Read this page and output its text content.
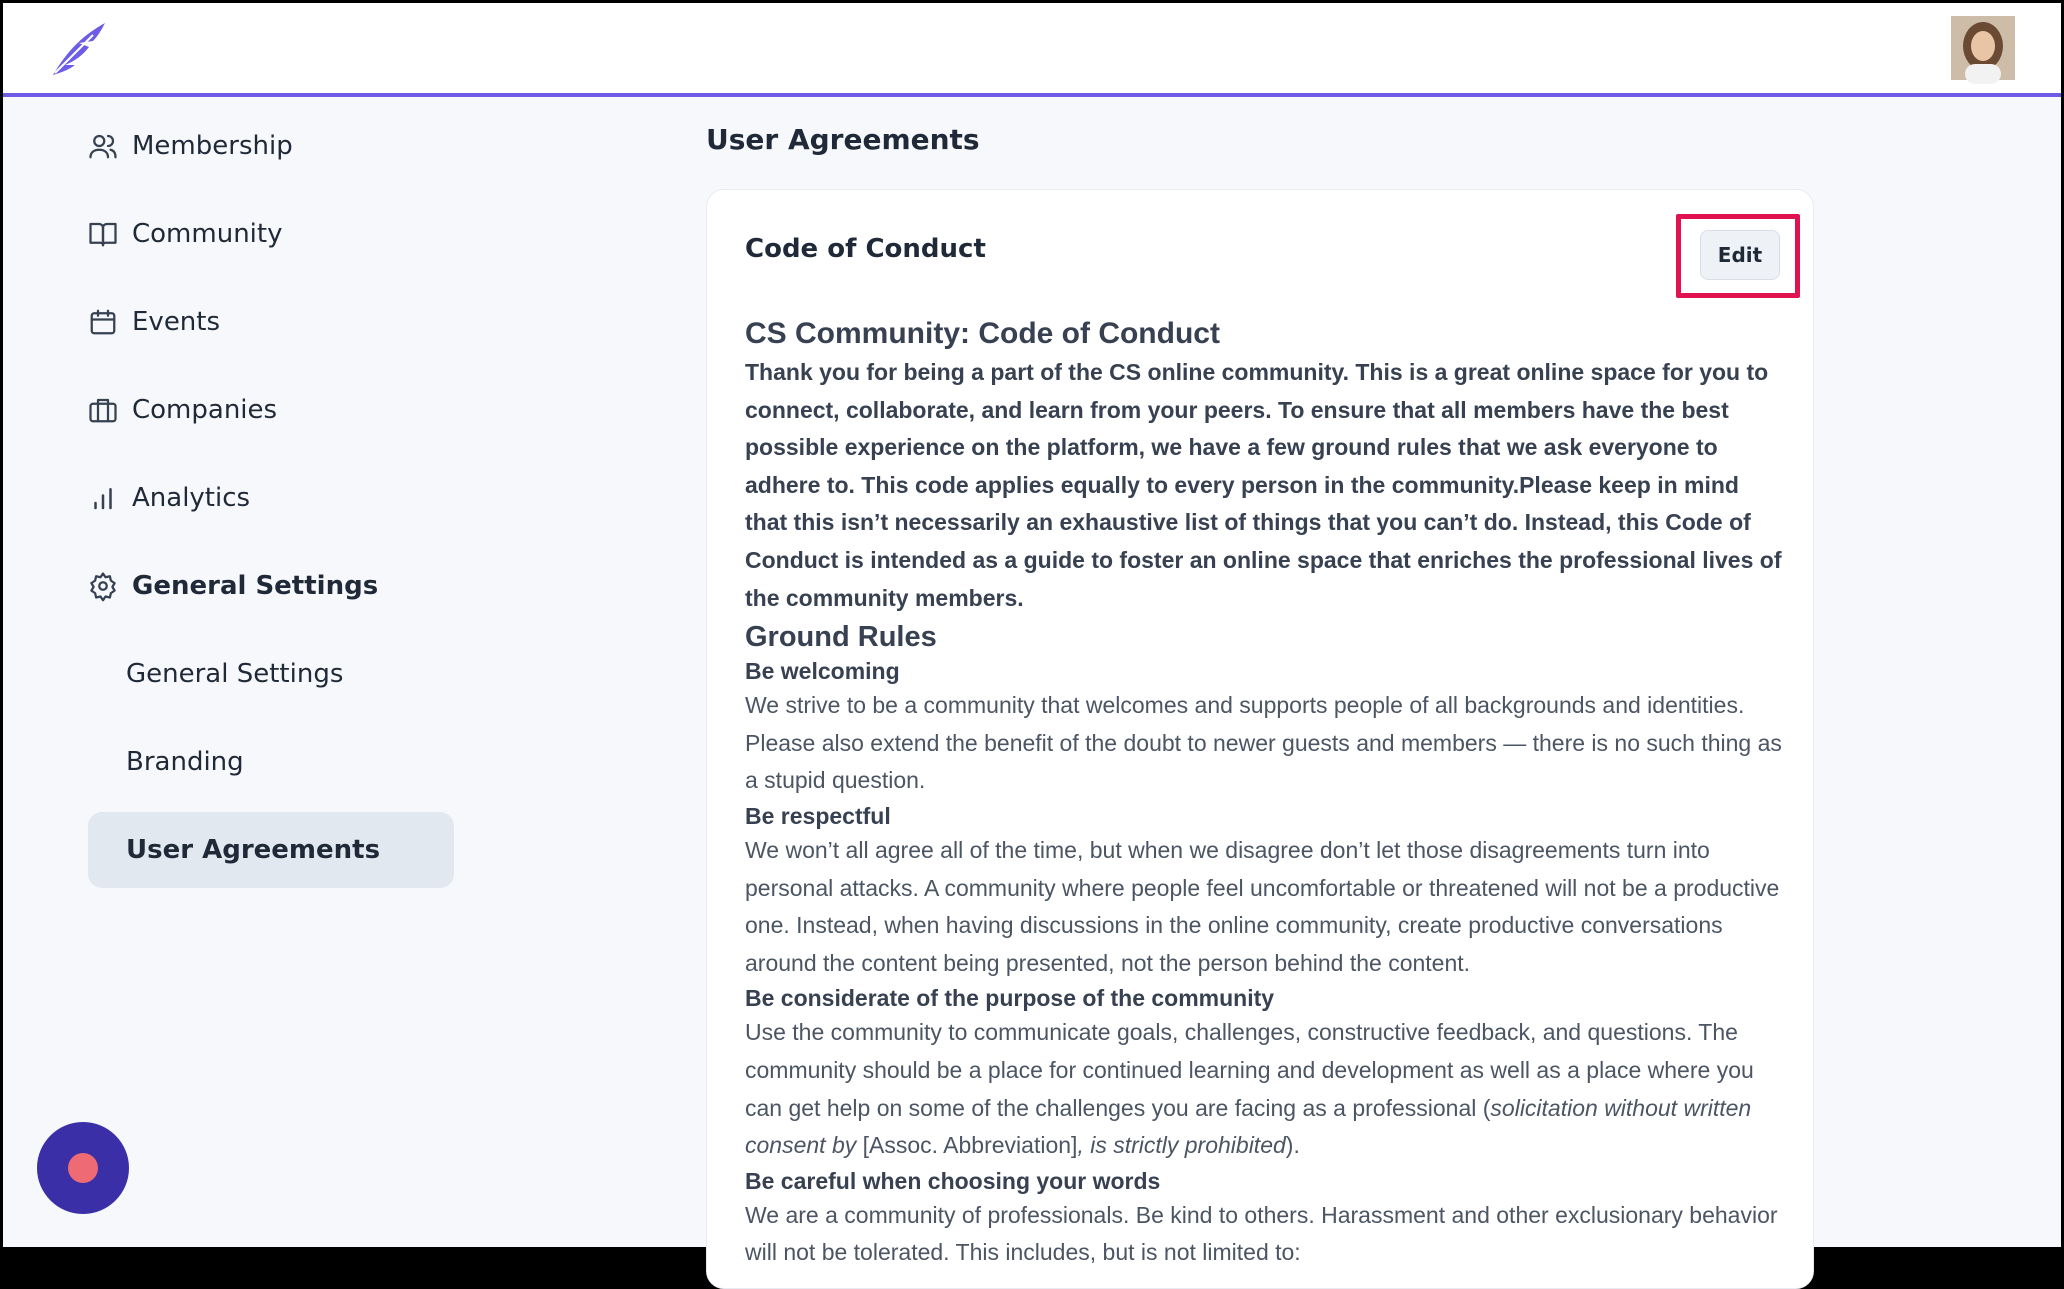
Membership
Community
Events
Companies
Analytics
General Settings
General Settings
Branding
User Agreements
User Agreements
Code of Conduct	Edit
CS Community: Code of Conduct

Thank you for being a part of the CS online community. This is a great online space for you to connect, collaborate, and learn from your peers. To ensure that all members have the best possible experience on the platform, we have a few ground rules that we ask everyone to adhere to. This code applies equally to every person in the community.Please keep in mind that this isn’t necessarily an exhaustive list of things that you can’t do. Instead, this Code of Conduct is intended as a guide to foster an online space that enriches the professional lives of the community members.

Ground Rules
Be welcoming

We strive to be a community that welcomes and supports people of all backgrounds and identities. Please also extend the benefit of the doubt to newer guests and members — there is no such thing as a stupid question.

Be respectful

We won’t all agree all of the time, but when we disagree don’t let those disagreements turn into personal attacks. A community where people feel uncomfortable or threatened will not be a productive one. Instead, when having discussions in the online community, create productive conversations around the content being presented, not the person behind the content.

Be considerate of the purpose of the community

Use the community to communicate goals, challenges, constructive feedback, and questions. The community should be a place for continued learning and development as well as a place where you can get help on some of the challenges you are facing as a professional (solicitation without written consent by [Assoc. Abbreviation], is strictly prohibited).

Be careful when choosing your words

We are a community of professionals. Be kind to others. Harassment and other exclusionary behavior will not be tolerated. This includes, but is not limited to:
